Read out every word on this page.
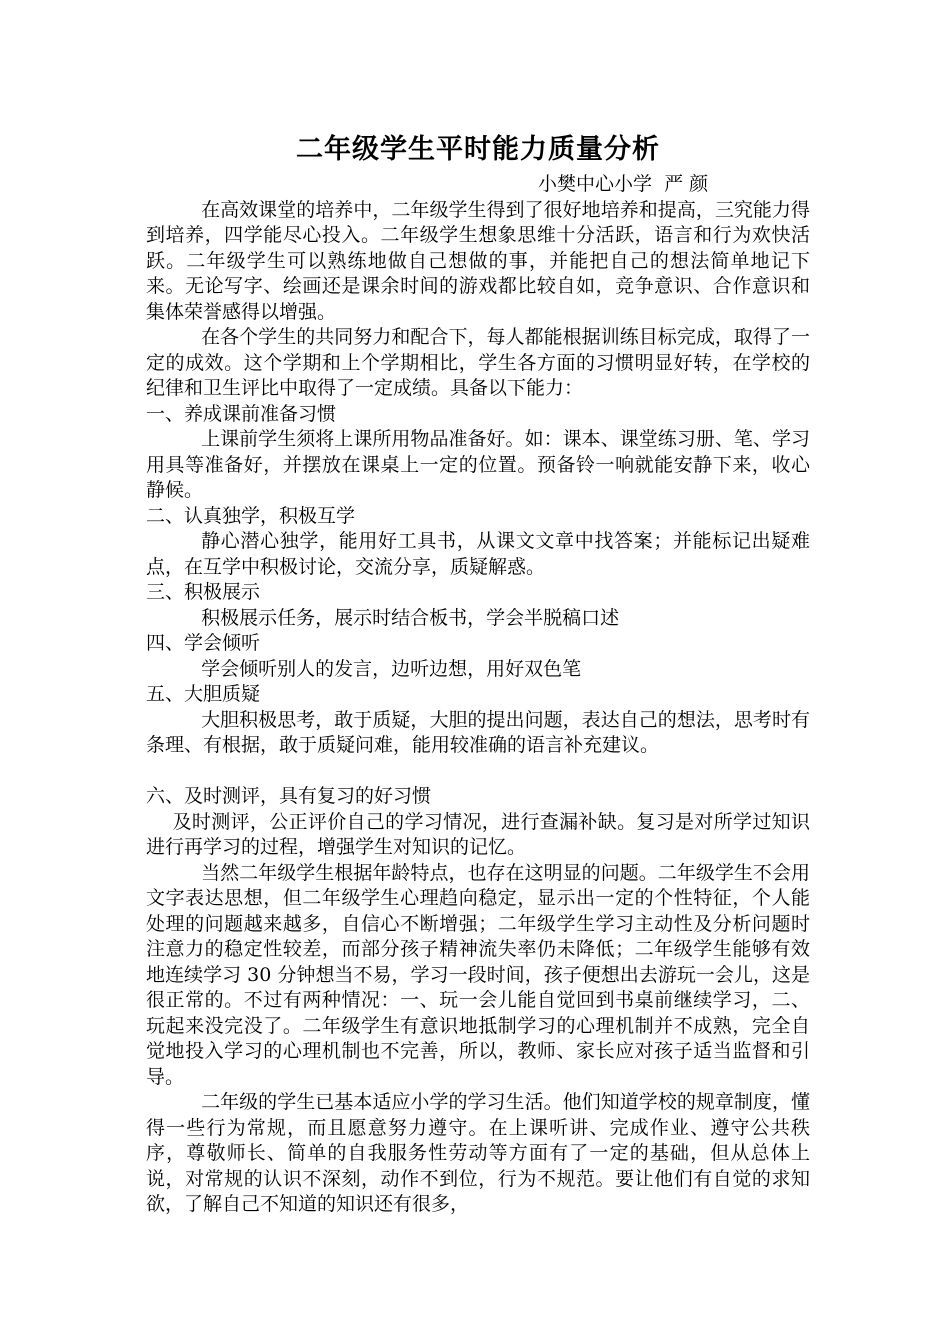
二年级学生平时能力质量分析

小樊中心小学  严 颜

在高效课堂的培养中，二年级学生得到了很好地培养和提高，三究能力得到培养，四学能尽心投入。二年级学生想象思维十分活跃，语言和行为欢快活跃。二年级学生可以熟练地做自己想做的事，并能把自己的想法简单地记下来。无论写字、绘画还是课余时间的游戏都比较自如，竞争意识、合作意识和集体荣誉感得以增强。

在各个学生的共同努力和配合下，每人都能根据训练目标完成，取得了一定的成效。这个学期和上个学期相比，学生各方面的习惯明显好转，在学校的纪律和卫生评比中取得了一定成绩。具备以下能力：

一、养成课前准备习惯

上课前学生须将上课所用物品准备好。如：课本、课堂练习册、笔、学习用具等准备好，并摆放在课桌上一定的位置。预备铃一响就能安静下来，收心静候。

二、认真独学，积极互学

静心潜心独学，能用好工具书，从课文文章中找答案；并能标记出疑难点，在互学中积极讨论，交流分享，质疑解惑。

三、积极展示

积极展示任务，展示时结合板书，学会半脱稿口述

四、学会倾听

学会倾听别人的发言，边听边想，用好双色笔

五、大胆质疑

大胆积极思考，敢于质疑，大胆的提出问题，表达自己的想法，思考时有条理、有根据，敢于质疑问难，能用较准确的语言补充建议。

六、及时测评，具有复习的好习惯

及时测评，公正评价自己的学习情况，进行查漏补缺。复习是对所学过知识进行再学习的过程，增强学生对知识的记忆。

当然二年级学生根据年龄特点，也存在这明显的问题。二年级学生不会用文字表达思想，但二年级学生心理趋向稳定，显示出一定的个性特征，个人能处理的问题越来越多，自信心不断增强；二年级学生学习主动性及分析问题时注意力的稳定性较差，而部分孩子精神流失率仍未降低；二年级学生能够有效地连续学习 30 分钟想当不易，学习一段时间，孩子便想出去游玩一会儿，这是很正常的。不过有两种情况：一、玩一会儿能自觉回到书桌前继续学习，二、玩起来没完没了。二年级学生有意识地抵制学习的心理机制并不成熟，完全自觉地投入学习的心理机制也不完善，所以，教师、家长应对孩子适当监督和引导。

二年级的学生已基本适应小学的学习生活。他们知道学校的规章制度，懂得一些行为常规，而且愿意努力遵守。在上课听讲、完成作业、遵守公共秩序，尊敬师长、简单的自我服务性劳动等方面有了一定的基础，但从总体上说，对常规的认识不深刻，动作不到位，行为不规范。要让他们有自觉的求知欲，了解自己不知道的知识还有很多，
